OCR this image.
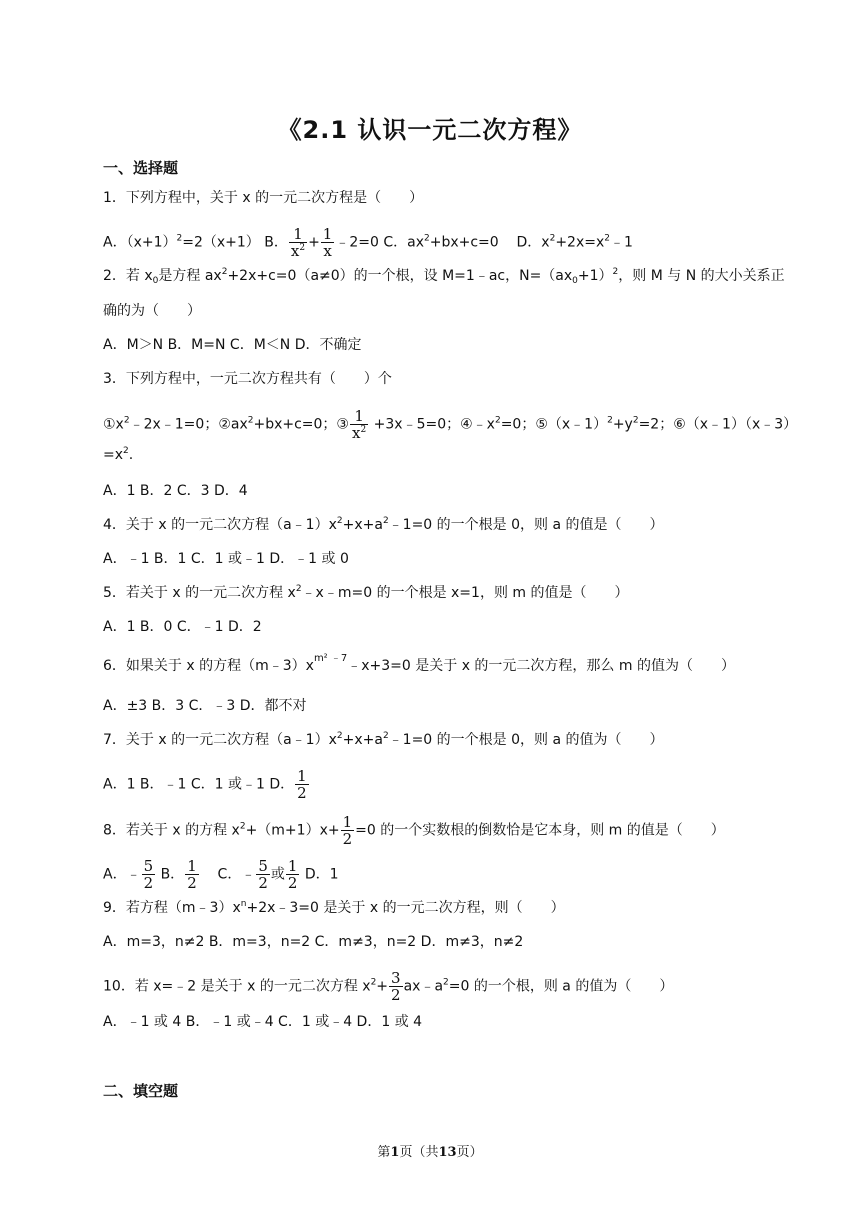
《2.1 认识一元二次方程》
一、选择题
1．下列方程中，关于 x 的一元二次方程是（　　）
A．$(x+1)^2=2(x+1)$ B． $\frac{1}{x^2} + \frac{1}{x}$ ﹣2=0 C．$ax^2+bx+c=0$ D．$x^2+2x=x^2﹣1$
2．若 $x_0$是方程 $ax^2+2x+c=0(a\ne 0)$的一个根，设 M=1﹣ac，$N=(ax_0+1)^2$，则 M 与 N 的大小关系正
确的为（　　）
A．M＞N B．M=N C．M＜N D．不确定
3．下列方程中，一元二次方程共有（　　）个
$①x^2﹣2x﹣1=0$；$②ax^2+bx+c=0$；③ $\frac{1}{x^2}$ +3x﹣5=0；$④﹣x^2=0$；$⑤(x﹣1)^2+y^2=2$；⑥（x﹣1）（x﹣3）
$=x^2$.
A．1 B．2 C．3 D．4
4．关于 x 的一元二次方程$(a﹣1)x^2+x+a^2﹣1=0$ 的一个根是 0，则 a 的值是（　　）
A．﹣1 B．1 C．1 或﹣1 D．﹣1 或 0
5．若关于 x 的一元二次方程 $x^2﹣x﹣m=0$ 的一个根是 x=1，则 m 的值是（　　）
A．1 B．0 C．﹣1 D．2
6．如果关于 x 的方程$(m﹣3)x^{m^2 ﹣7}﹣x+3=0$ 是关于 x 的一元二次方程，那么 m 的值为（　　）
A．±3 B．3 C．﹣3 D．都不对
7．关于 x 的一元二次方程$(a﹣1)x^2+x+a^2﹣1=0$ 的一个根是 0，则 a 的值为（　　）
A．1 B．﹣1 C．1 或﹣1 D． $\frac{1}{2}$
8．若关于 x 的方程 $x^2+(m+1)x+ \frac{1}{2} =0$ 的一个实数根的倒数恰是它本身，则 m 的值是（　　）
A．﹣ $\frac{5}{2}$ B． $\frac{1}{2}$ C．﹣ $\frac{5}{2}$ 或 $\frac{1}{2}$ D．1
9．若方程$(m﹣3)x^n+2x﹣3=0$ 是关于 x 的一元二次方程，则（　　）
A．m=3，n≠2 B．m=3，n=2 C．m≠3，n=2 D．m≠3，n≠2
10．若 x=﹣2 是关于 x 的一元二次方程 $x^2+ \frac{3}{2}$ $ax﹣a^2=0$ 的一个根，则 a 的值为（　　）
A．﹣1 或 4 B．﹣1 或﹣4 C．1 或﹣4 D．1 或 4
二、填空题
第1页（共13页）
